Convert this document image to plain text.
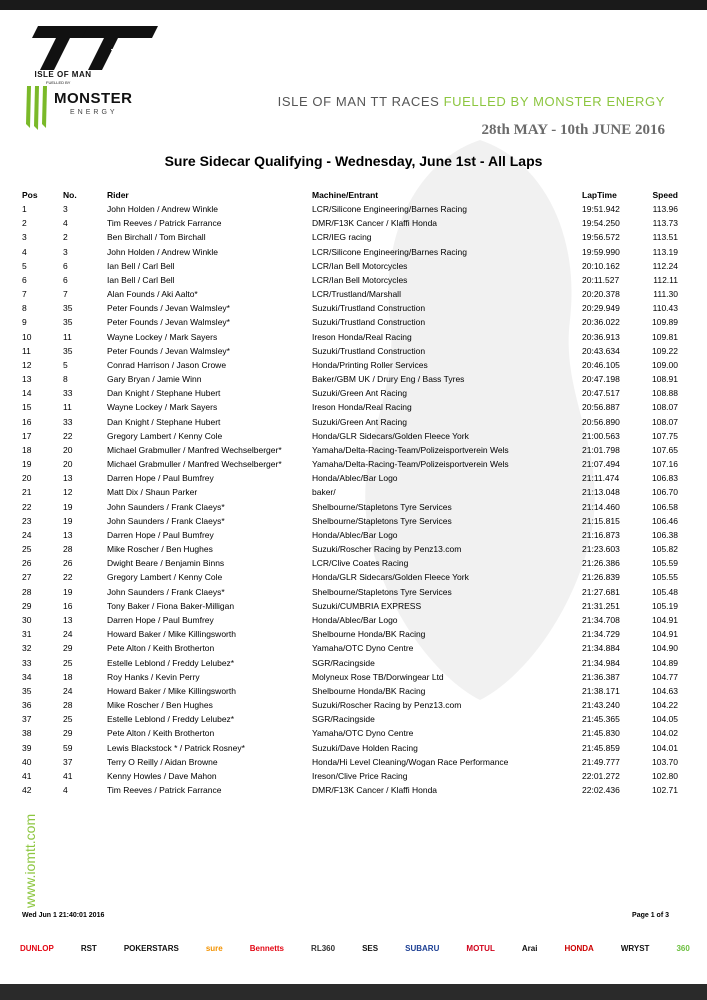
TT
ISLE OF MAN
FUELLED BY
MONSTER
ENERGY
ISLE OF MAN TT RACES FUELLED BY MONSTER ENERGY
28th MAY - 10th JUNE 2016
Sure Sidecar Qualifying - Wednesday, June 1st - All Laps
Pos	No.	Rider	Machine/Entrant	LapTime	Speed
1	3	John Holden / Andrew Winkle	LCR/Silicone Engineering/Barnes Racing	19:51.942	113.96
2	4	Tim Reeves / Patrick Farrance	DMR/F13K Cancer / Klaffi Honda	19:54.250	113.73
3	2	Ben Birchall / Tom Birchall	LCR/IEG racing	19:56.572	113.51
4	3	John Holden / Andrew Winkle	LCR/Silicone Engineering/Barnes Racing	19:59.990	113.19
5	6	Ian Bell / Carl Bell	LCR/Ian Bell Motorcycles	20:10.162	112.24
6	6	Ian Bell / Carl Bell	LCR/Ian Bell Motorcycles	20:11.527	112.11
7	7	Alan Founds / Aki Aalto*	LCR/Trustland/Marshall	20:20.378	111.30
8	35	Peter Founds / Jevan Walmsley*	Suzuki/Trustland Construction	20:29.949	110.43
9	35	Peter Founds / Jevan Walmsley*	Suzuki/Trustland Construction	20:36.022	109.89
10	11	Wayne Lockey / Mark Sayers	Ireson Honda/Real Racing	20:36.913	109.81
11	35	Peter Founds / Jevan Walmsley*	Suzuki/Trustland Construction	20:43.634	109.22
12	5	Conrad Harrison / Jason Crowe	Honda/Printing Roller Services	20:46.105	109.00
13	8	Gary Bryan / Jamie Winn	Baker/GBM UK / Drury Eng / Bass Tyres	20:47.198	108.91
14	33	Dan Knight / Stephane Hubert	Suzuki/Green Ant Racing	20:47.517	108.88
15	11	Wayne Lockey / Mark Sayers	Ireson Honda/Real Racing	20:56.887	108.07
16	33	Dan Knight / Stephane Hubert	Suzuki/Green Ant Racing	20:56.890	108.07
17	22	Gregory Lambert / Kenny Cole	Honda/GLR Sidecars/Golden Fleece York	21:00.563	107.75
18	20	Michael Grabmuller / Manfred Wechselberger*	Yamaha/Delta-Racing-Team/Polizeisportverein Wels	21:01.798	107.65
19	20	Michael Grabmuller / Manfred Wechselberger*	Yamaha/Delta-Racing-Team/Polizeisportverein Wels	21:07.494	107.16
20	13	Darren Hope / Paul Bumfrey	Honda/Ablec/Bar Logo	21:11.474	106.83
21	12	Matt Dix / Shaun Parker	baker/	21:13.048	106.70
22	19	John Saunders / Frank Claeys*	Shelbourne/Stapletons Tyre Services	21:14.460	106.58
23	19	John Saunders / Frank Claeys*	Shelbourne/Stapletons Tyre Services	21:15.815	106.46
24	13	Darren Hope / Paul Bumfrey	Honda/Ablec/Bar Logo	21:16.873	106.38
25	28	Mike Roscher / Ben Hughes	Suzuki/Roscher Racing by Penz13.com	21:23.603	105.82
26	26	Dwight Beare / Benjamin Binns	LCR/Clive Coates Racing	21:26.386	105.59
27	22	Gregory Lambert / Kenny Cole	Honda/GLR Sidecars/Golden Fleece York	21:26.839	105.55
28	19	John Saunders / Frank Claeys*	Shelbourne/Stapletons Tyre Services	21:27.681	105.48
29	16	Tony Baker / Fiona Baker-Milligan	Suzuki/CUMBRIA EXPRESS	21:31.251	105.19
30	13	Darren Hope / Paul Bumfrey	Honda/Ablec/Bar Logo	21:34.708	104.91
31	24	Howard Baker / Mike Killingsworth	Shelbourne Honda/BK Racing	21:34.729	104.91
32	29	Pete Alton / Keith Brotherton	Yamaha/OTC Dyno Centre	21:34.884	104.90
33	25	Estelle Leblond / Freddy Lelubez*	SGR/Racingside	21:34.984	104.89
34	18	Roy Hanks / Kevin Perry	Molyneux Rose TB/Dorwingear Ltd	21:36.387	104.77
35	24	Howard Baker / Mike Killingsworth	Shelbourne Honda/BK Racing	21:38.171	104.63
36	28	Mike Roscher / Ben Hughes	Suzuki/Roscher Racing by Penz13.com	21:43.240	104.22
37	25	Estelle Leblond / Freddy Lelubez*	SGR/Racingside	21:45.365	104.05
38	29	Pete Alton / Keith Brotherton	Yamaha/OTC Dyno Centre	21:45.830	104.02
39	59	Lewis Blackstock * / Patrick Rosney*	Suzuki/Dave Holden Racing	21:45.859	104.01
40	37	Terry O Reilly / Aidan Browne	Honda/Hi Level Cleaning/Wogan Race Performance	21:49.777	103.70
41	41	Kenny Howles / Dave Mahon	Ireson/Clive Price Racing	22:01.272	102.80
42	4	Tim Reeves / Patrick Farrance	DMR/F13K Cancer / Klaffi Honda	22:02.436	102.71
www.iomtt.com
Wed Jun 1 21:40:01 2016	Page 1 of 3
DUNLOP	RST	POKERSTARS	sure	Bennetts	RL360	SES	SUBARU	MOTUL	Arai	HONDA	WRYST	360
